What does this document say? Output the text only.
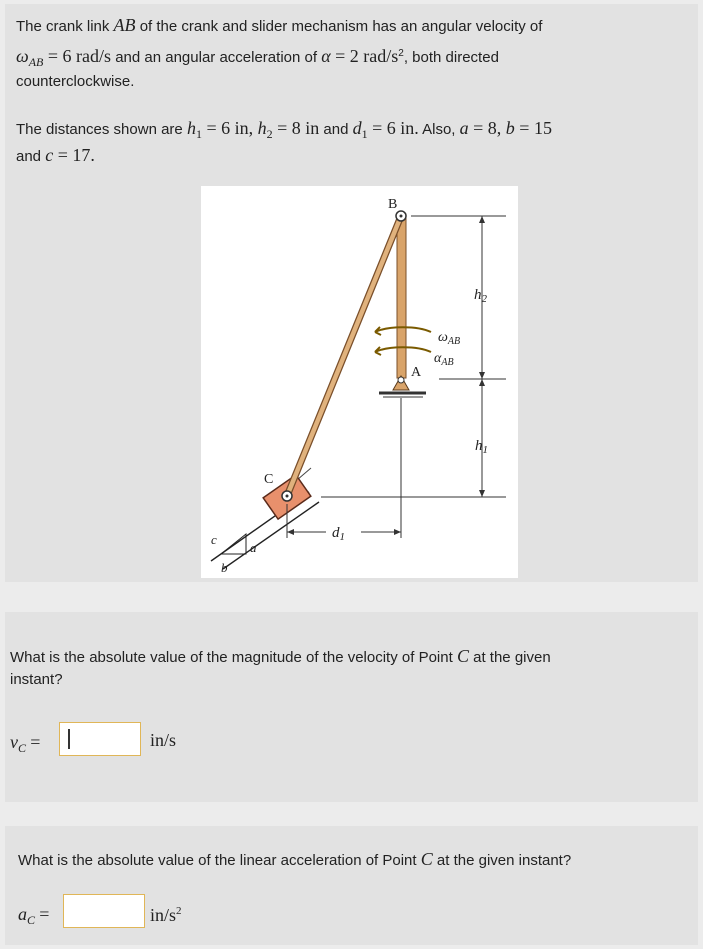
The crank link AB of the crank and slider mechanism has an angular velocity of
$\omega_{AB} = 6$ rad/s and an angular acceleration of α = 2 rad/$s^2$, both directed
counterclockwise.
The distances shown are $h_1 = 6$ in, $h_2 = 8$ in and $d_1 = 6$ in. Also, a = 8, b = 15
and c = 17.
c
a
b
C
B
A
$\omega_{AB}$
$\alpha_{AB}$
$h_2$
$h_1$
$d_1$
What is the absolute value of the magnitude of the velocity of Point C at the given
instant?
$v_C$ =	in/s
What is the absolute value of the linear acceleration of Point C at the given instant?
$a_C$ =	$in/s^2$
